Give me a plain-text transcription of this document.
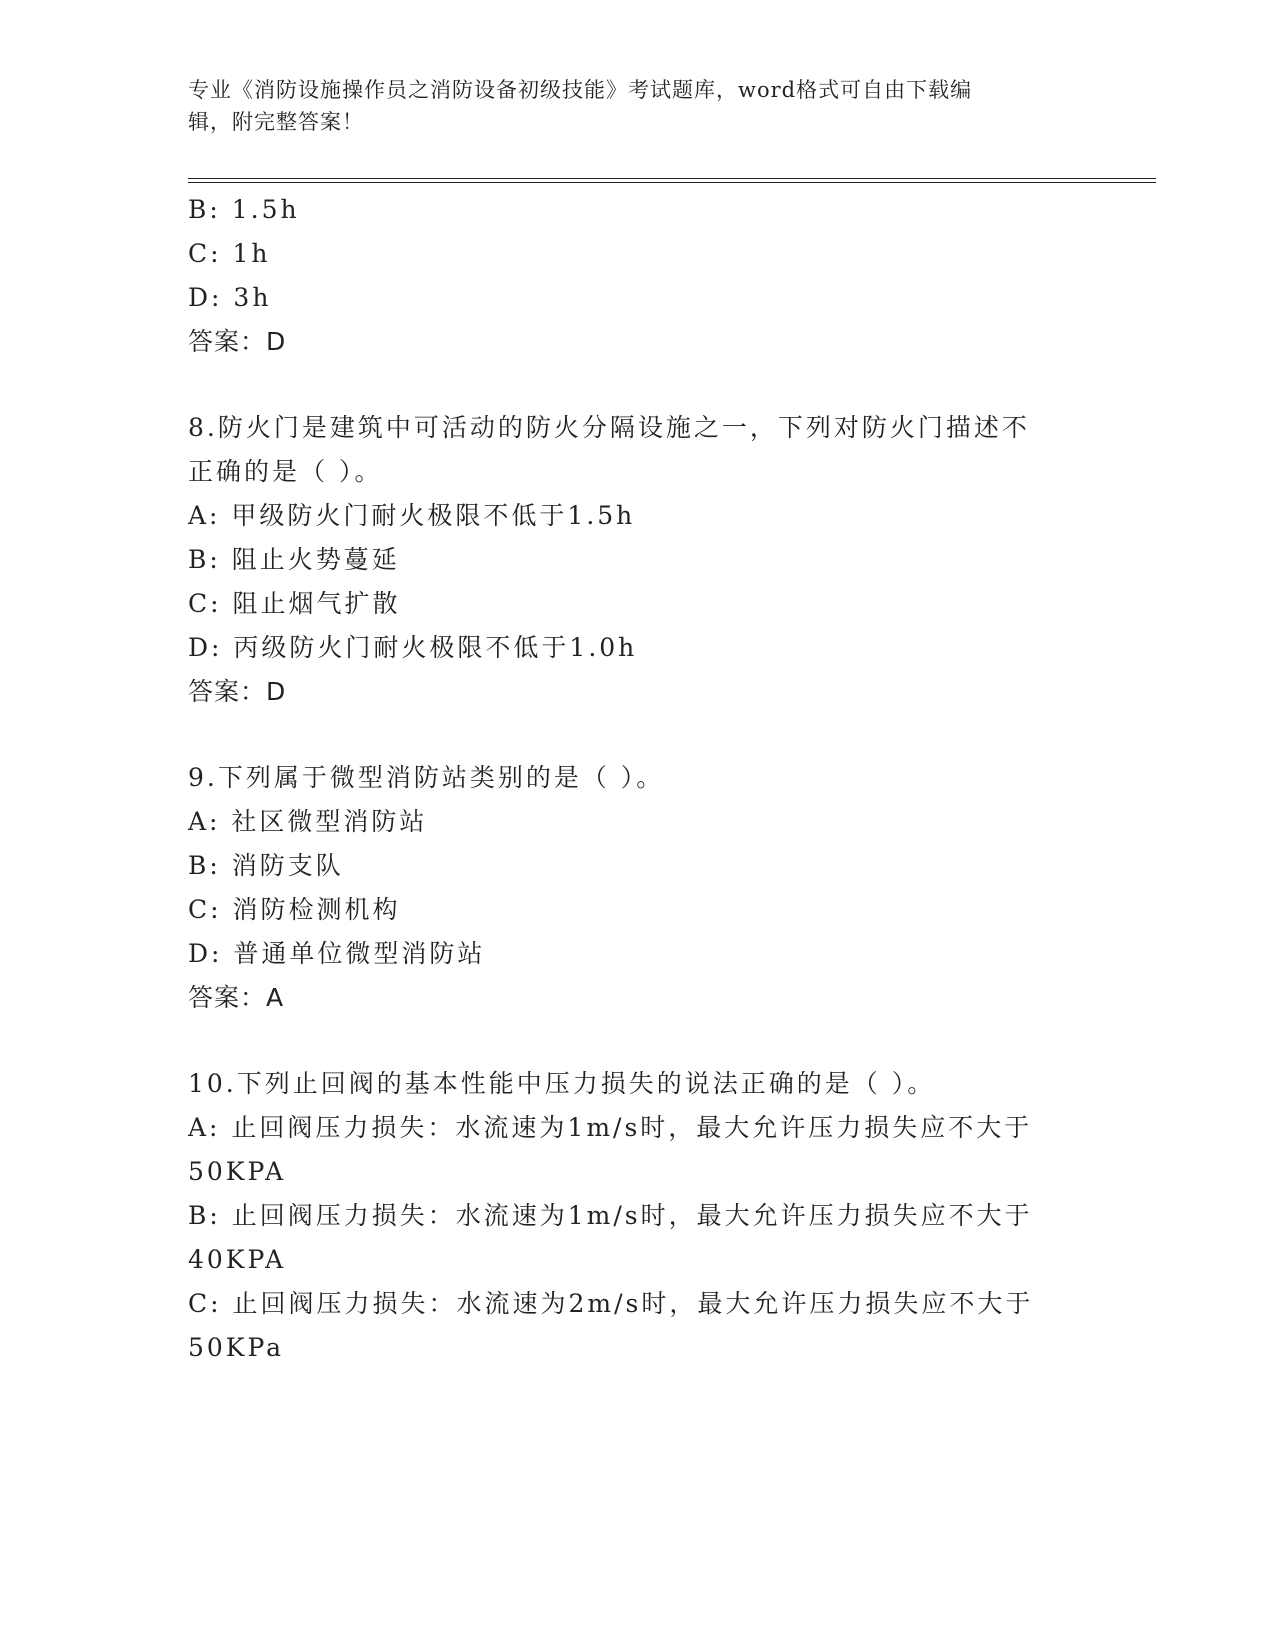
专业《消防设施操作员之消防设备初级技能》考试题库，word格式可自由下载编
辑，附完整答案！
B: 1.5h
C: 1h
D: 3h
答案：D
8.防火门是建筑中可活动的防火分隔设施之一，下列对防火门描述不
正确的是（ ）。
A: 甲级防火门耐火极限不低于1.5h
B: 阻止火势蔓延
C: 阻止烟气扩散
D: 丙级防火门耐火极限不低于1.0h
答案：D
9.下列属于微型消防站类别的是（ ）。
A: 社区微型消防站
B: 消防支队
C: 消防检测机构
D: 普通单位微型消防站
答案：A
10.下列止回阀的基本性能中压力损失的说法正确的是（ ）。
A: 止回阀压力损失：水流速为1m/s时，最大允许压力损失应不大于
50KPA
B: 止回阀压力损失：水流速为1m/s时，最大允许压力损失应不大于
40KPA
C: 止回阀压力损失：水流速为2m/s时，最大允许压力损失应不大于
50KPa
